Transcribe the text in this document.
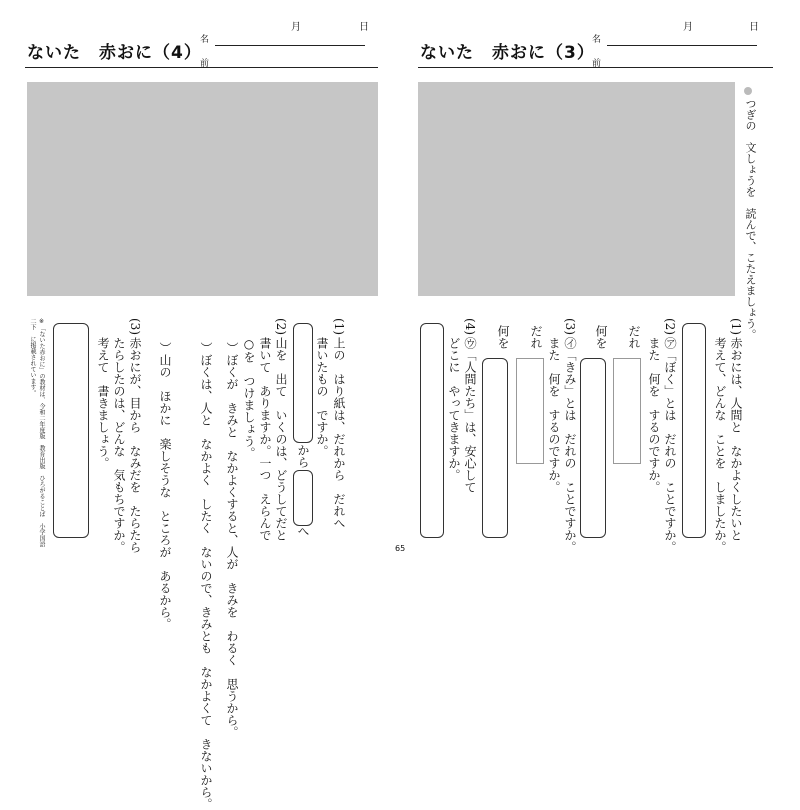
月	日
ないた　赤おに（4）
名
前
(1)
上の　はり紙は、だれから　だれへ
書いたもの　ですか。
から
へ
(2)
山を　出て　いくのは、どうしてだと
書いて　ありますか。一つ　えらんで
○を　つけましょう。
）ぼくが　きみと　なかよくすると、人が　きみを　わるく　思うから。
）ぼくは、人と　なかよく　したく　ないので、きみとも　なかよくて　きないから。
）山の　ほかに　楽しそうな　ところが　あるから。
(3)
赤おにが、目から　なみだを　たらたら
たらしたのは、どんな　気もちですか。
考えて　書きましょう。
※「ないた赤おに」の教材は、令和二年度版　教育出版　ひろがることば　小学国語
二下　に掲載されています。
月	日
ないた　赤おに（3）
名
前
つぎの　文しょうを　読んで、こたえましょう。
(1)
赤おには、人間と　なかよくしたいと
考えて、どんな　ことを　しましたか。
(2)
㋐「ぼく」とは　だれの　ことですか。
また　何を　するのですか。
だれ
何を
(3)
㋑「きみ」とは　だれの　ことですか。
また　何を　するのですか。
だれ
何を
(4)
㋒「人間たち」は、安心して
どこに　やってきますか。
65
